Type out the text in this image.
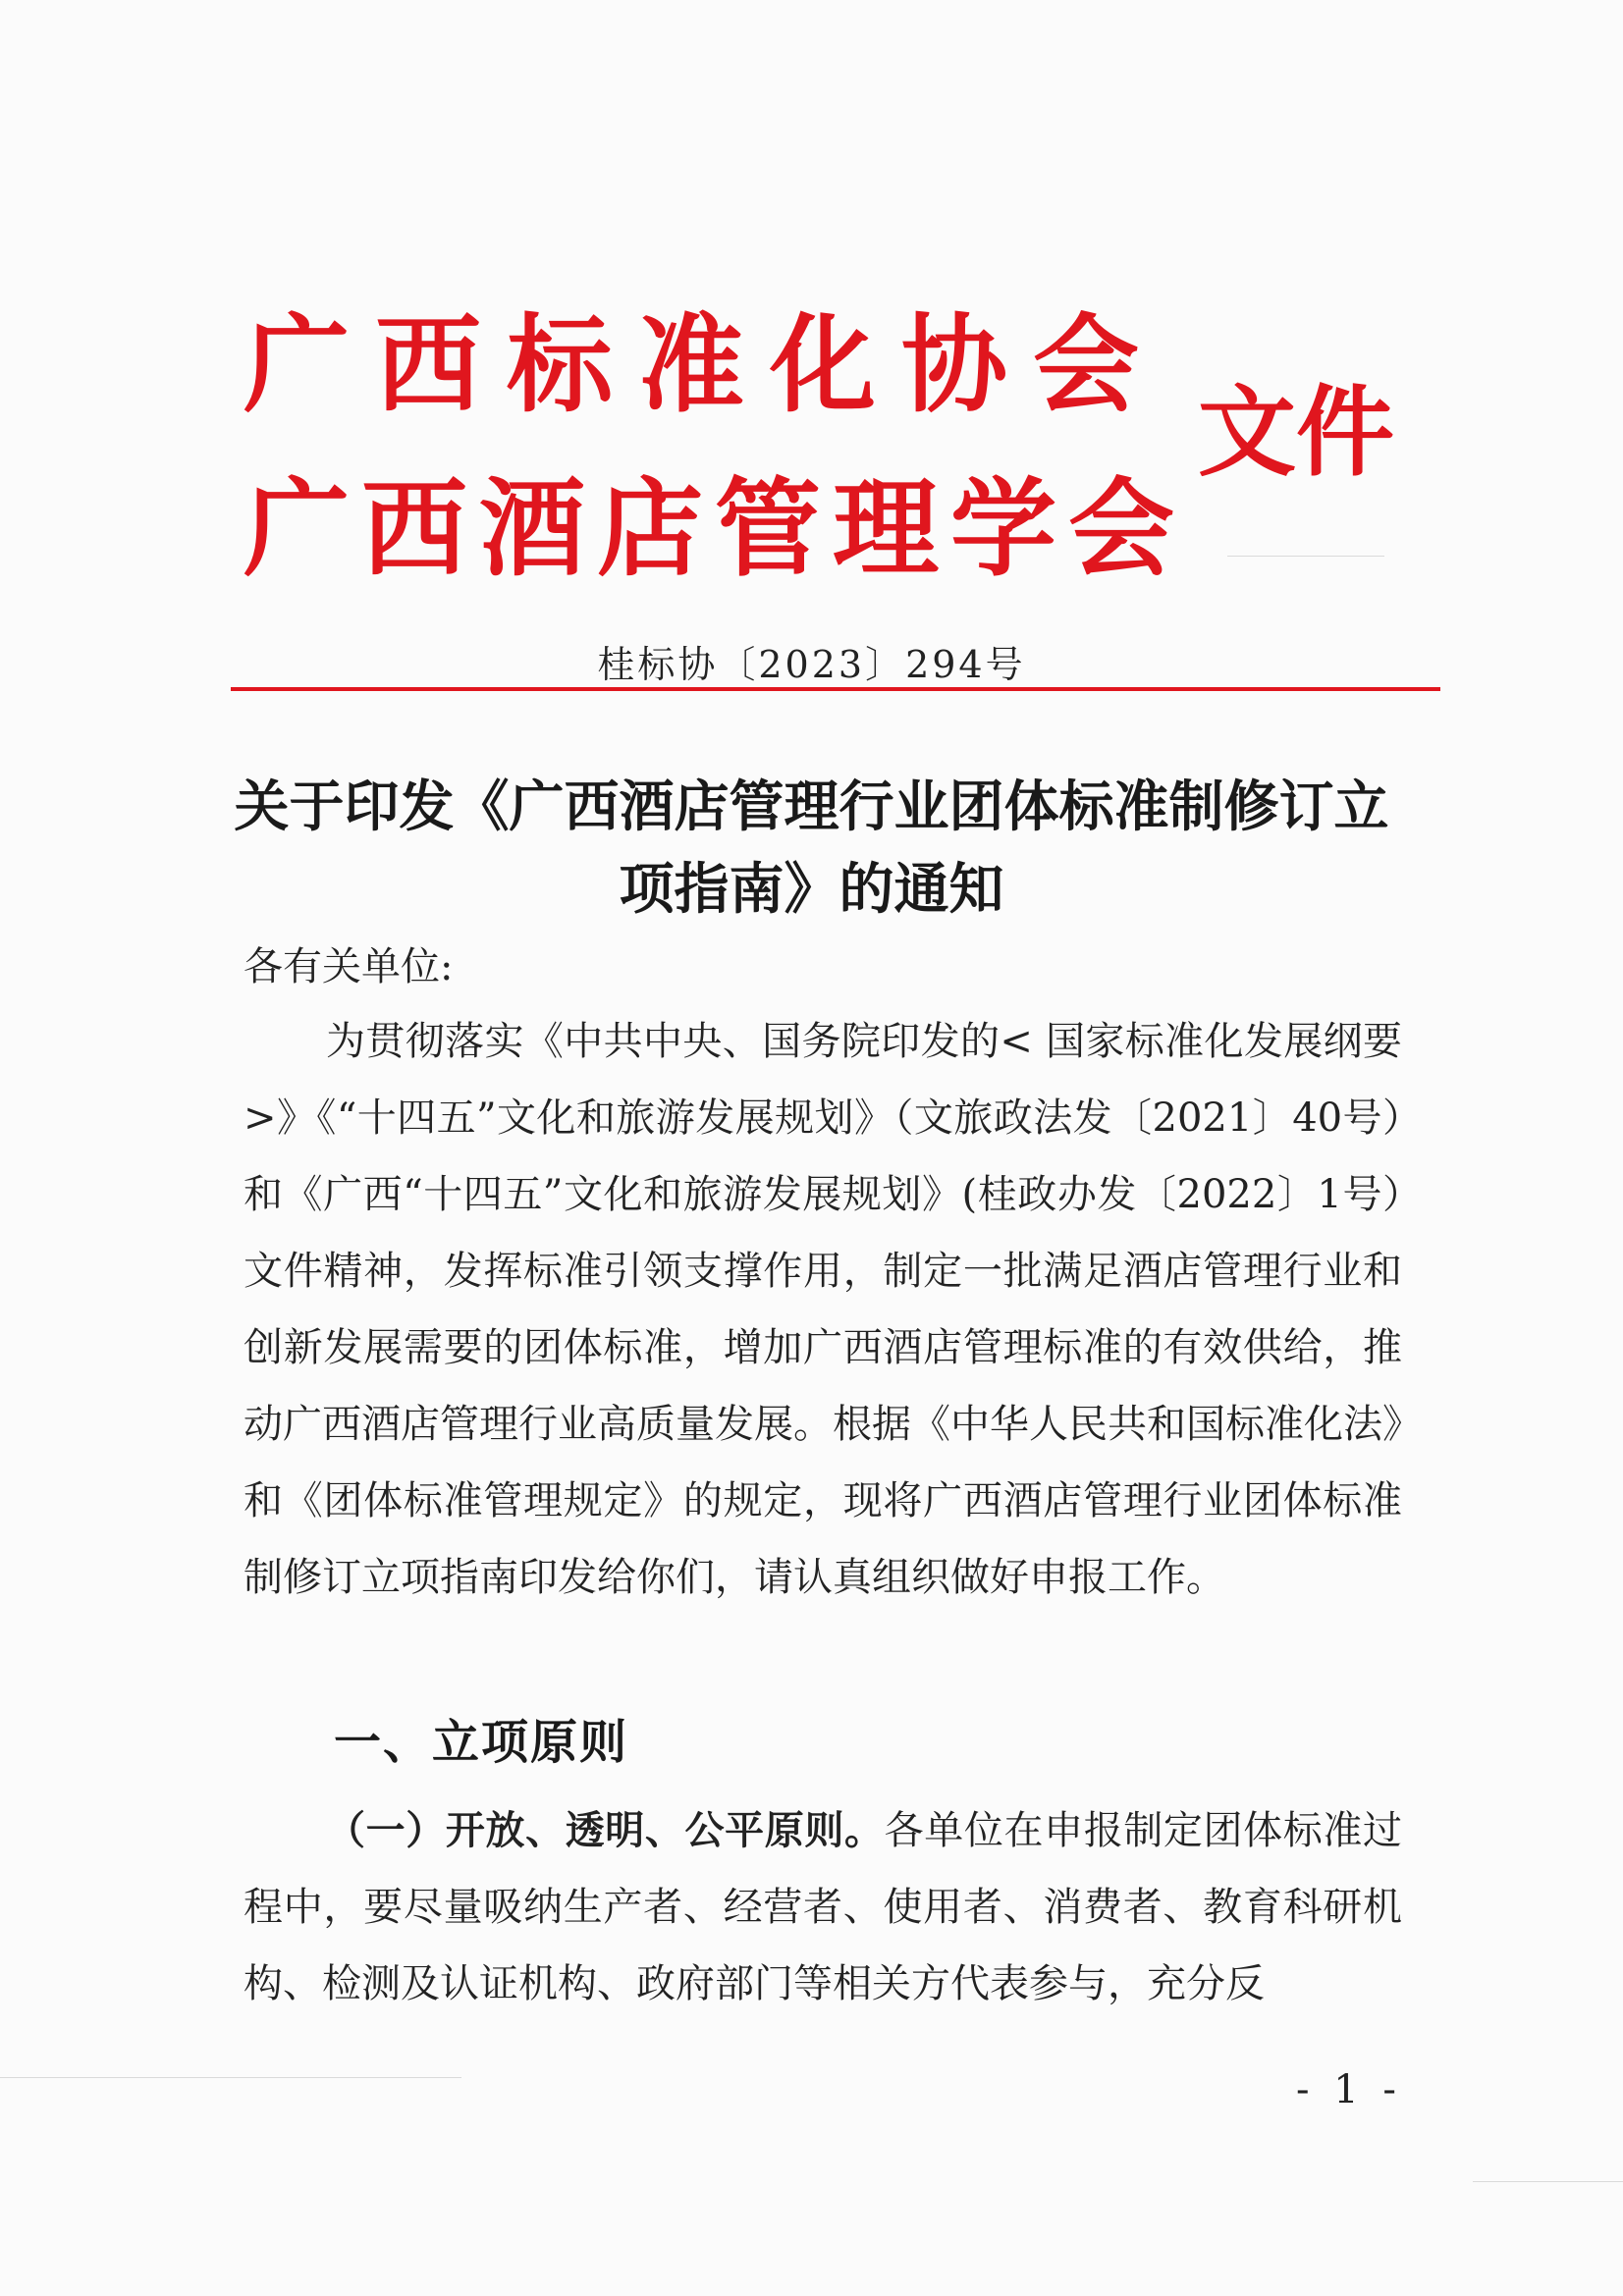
广西标准化协会
广西酒店管理学会
文件
桂标协〔2023〕294号
关于印发《广西酒店管理行业团体标准制修订立项指南》的通知
各有关单位:

为贯彻落实《中共中央、国务院印发的< 国家标准化发展纲要>》《“十四五”文化和旅游发展规划》（文旅政法发〔2021〕40号）和《广西“十四五”文化和旅游发展规划》(桂政办发〔2022〕1号）文件精神，发挥标准引领支撑作用，制定一批满足酒店管理行业和创新发展需要的团体标准，增加广西酒店管理标准的有效供给，推动广西酒店管理行业高质量发展。根据《中华人民共和国标准化法》和《团体标准管理规定》的规定，现将广西酒店管理行业团体标准制修订立项指南印发给你们，请认真组织做好申报工作。

一、立项原则

（一）开放、透明、公平原则。各单位在申报制定团体标准过程中，要尽量吸纳生产者、经营者、使用者、消费者、教育科研机构、检测及认证机构、政府部门等相关方代表参与，充分反

- 1 -
